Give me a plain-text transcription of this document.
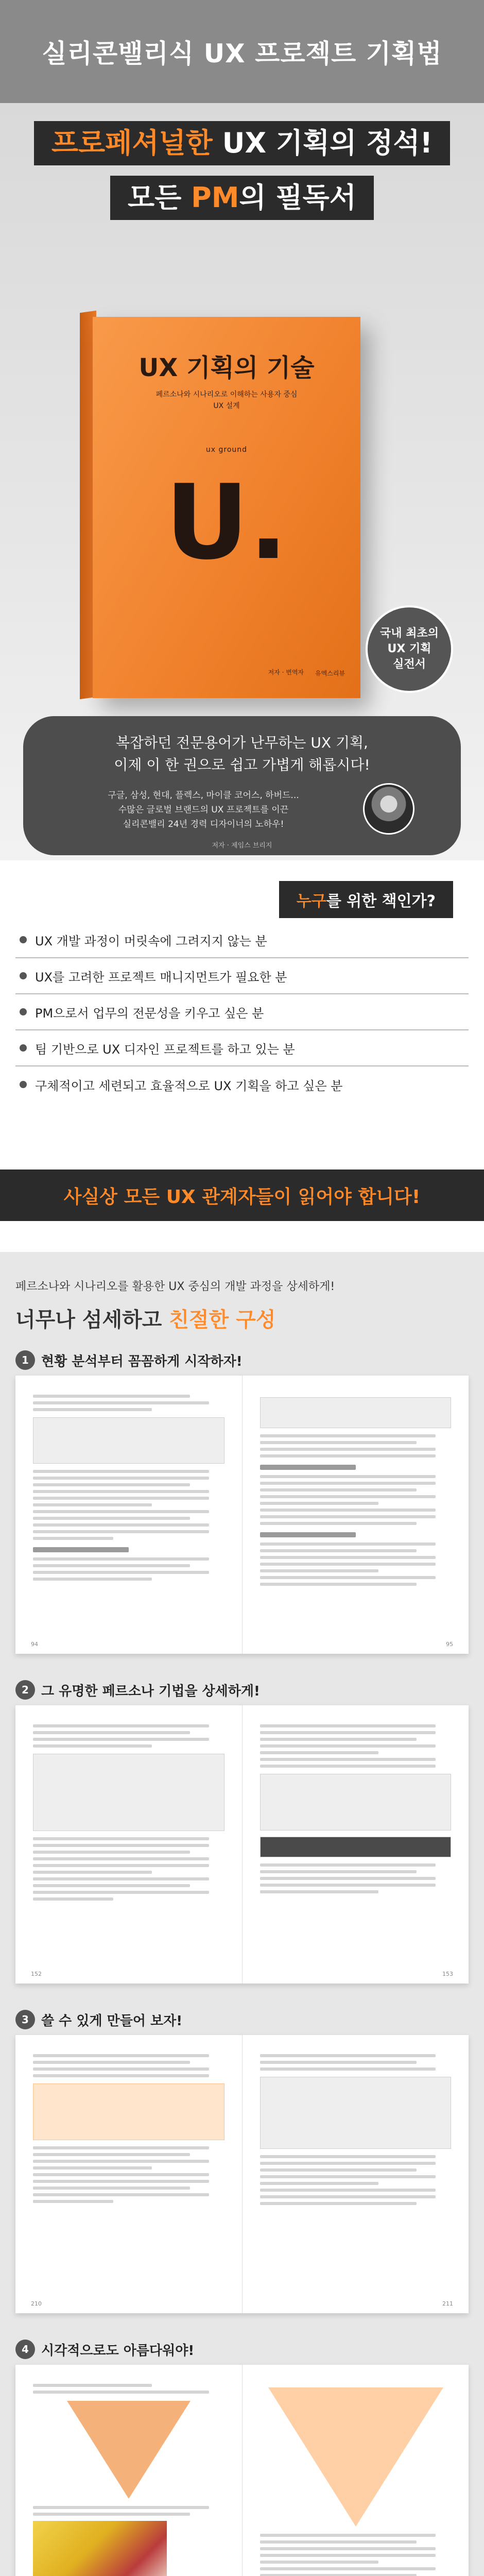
실리콘밸리식 UX 프로젝트 기획법
프로페셔널한 UX 기획의 정석!
모든 PM의 필독서
UX 기획의 기술
페르소나와 시나리오로 이해하는 사용자 중심 UX 설계
ux ground
U.
저자 · 번역자 유엑스리뷰
국내 최초의
UX 기획
실전서
복잡하던 전문용어가 난무하는 UX 기획,
이제 이 한 권으로 쉽고 가볍게 해롭시다!
구글, 삼성, 현대, 플렉스, 마이클 코어스, 하버드...
수많은 글로벌 브랜드의 UX 프로젝트를 이끈
실리콘밸리 24년 경력 디자이너의 노하우!
저자 · 제임스 브리지
누구를 위한 책인가?
UX 개발 과정이 머릿속에 그려지지 않는 분
UX를 고려한 프로젝트 매니지먼트가 필요한 분
PM으로서 업무의 전문성을 키우고 싶은 분
팀 기반으로 UX 디자인 프로젝트를 하고 있는 분
구체적이고 세련되고 효율적으로 UX 기획을 하고 싶은 분
사실상 모든 UX 관계자들이 읽어야 합니다!
페르소나와 시나리오를 활용한 UX 중심의 개발 과정을 상세하게!
너무나 섬세하고 친절한 구성
1 현황 분석부터 꼼꼼하게 시작하자!
94	95
2 그 유명한 페르소나 기법을 상세하게!
152	153
3 쓸 수 있게 만들어 보자!
210	211
4 시각적으로도 아름다워야!
